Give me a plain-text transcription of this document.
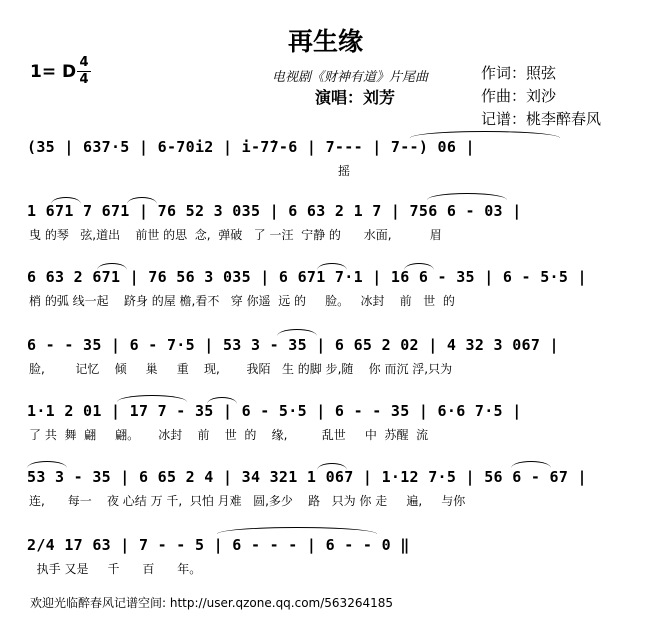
再生缘
1= D 4
4	电视剧《财神有道》片尾曲
演唱：刘芳
作词：照弦
作曲：刘沙
记谱：桃李醉春风
(35 | 637·5 | 6-70i2 | i-7̇7-6 | 7--- | 7--) 06 |
摇
1 671 7 671 | 76 52 3 035 | 6 63 2 1 7 | 756 6 - 03 |
曳 的琴   弦,道出    前世 的思  念,  弹破   了 一汪  宁静 的      水面,          眉
6 63 2 671 | 76 56 3 035 | 6 671 7·1 | 16 6 - 35 | 6 - 5·5 |
梢 的弧 线一起    跻身 的屋 檐,看不   穿 你遥  远 的     脸。   冰封    前   世  的
6 - - 35 | 6 - 7·5 | 53 3 - 35 | 6 65 2 02 | 4 32 3 067 |
脸,        记忆    倾     巢     重    现,       我陌   生 的脚 步,随    你 而沉 浮,只为
1·1 2 01 | 17 7 - 35 | 6 - 5·5 | 6 - - 35 | 6·6 7·5 |
了 共  舞  翩     翩。     冰封    前    世  的    缘,         乱世     中  苏醒  流
53 3 - 35 | 6 65 2 4 | 34 321 1 067 | 1·12 7·5 | 56 6 - 67 |
连,      每一    夜 心结 万 千,  只怕 月难   圆,多少    路   只为 你 走     遍,     与你
2/4 17 63 | 7 - - 5 | 6 - - - | 6 - - 0 ‖
执手 又是     千      百      年。
欢迎光临醉春风记谱空间: http://user.qzone.qq.com/563264185
